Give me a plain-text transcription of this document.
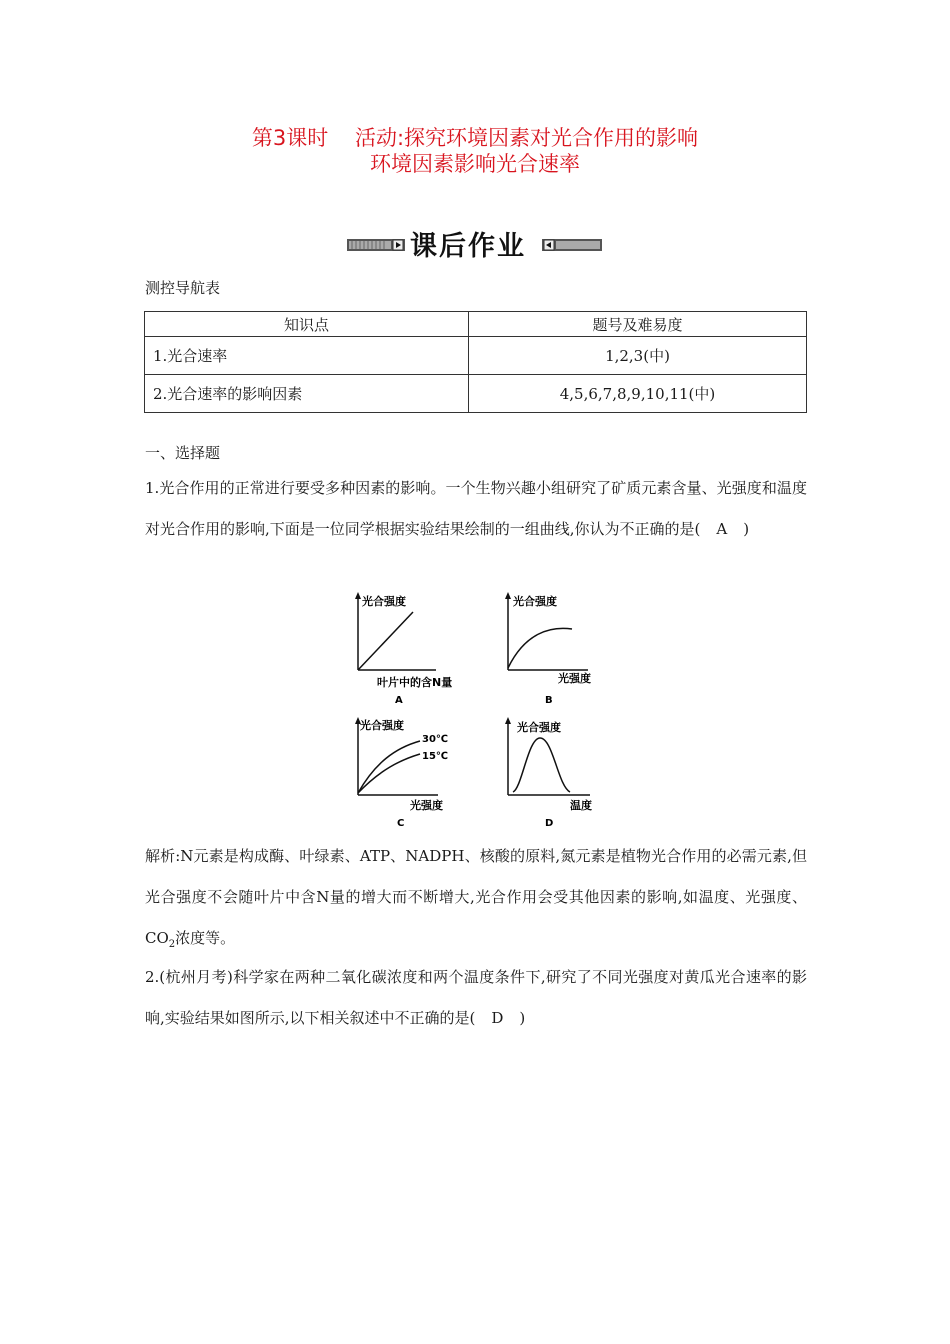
第3课时    活动:探究环境因素对光合作用的影响
环境因素影响光合速率
课后作业
测控导航表
知识点	题号及难易度
1.光合速率	1,2,3(中)
2.光合速率的影响因素	4,5,6,7,8,9,10,11(中)
一、选择题
1.光合作用的正常进行要受多种因素的影响。一个生物兴趣小组研究了矿质元素含量、光强度和温度对光合作用的影响,下面是一位同学根据实验结果绘制的一组曲线,你认为不正确的是( A )
光合强度
叶片中的含N量
A
光合强度
光强度
B
光合强度
30℃
15℃
光强度
C
光合强度
温度
D
解析:N元素是构成酶、叶绿素、ATP、NADPH、核酸的原料,氮元素是植物光合作用的必需元素,但光合强度不会随叶片中含N量的增大而不断增大,光合作用会受其他因素的影响,如温度、光强度、$CO_2$浓度等。
2.(杭州月考)科学家在两种二氧化碳浓度和两个温度条件下,研究了不同光强度对黄瓜光合速率的影响,实验结果如图所示,以下相关叙述中不正确的是( D )
